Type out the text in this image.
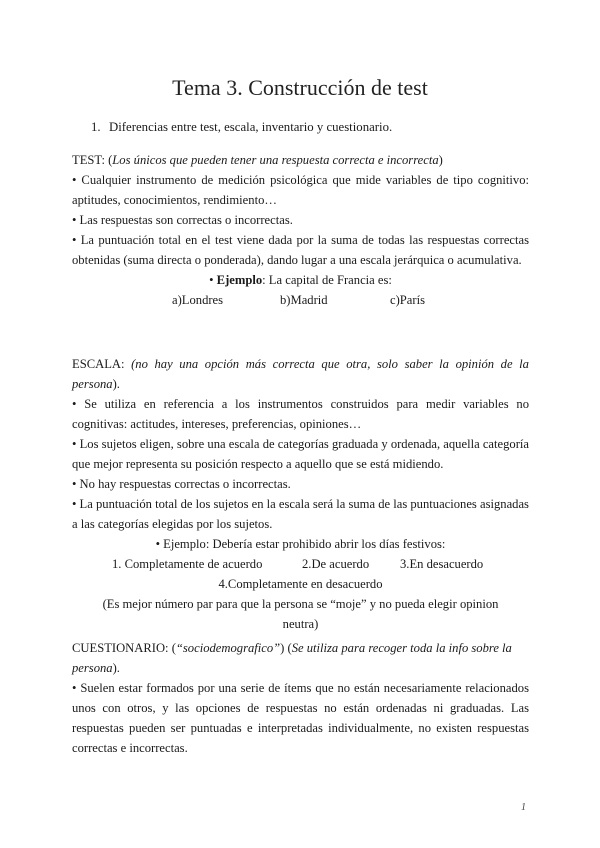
Tema 3. Construcción de test
1. Diferencias entre test, escala, inventario y cuestionario.

TEST: (Los únicos que pueden tener una respuesta correcta e incorrecta)

• Cualquier instrumento de medición psicológica que mide variables de tipo cognitivo: aptitudes, conocimientos, rendimiento…

• Las respuestas son correctas o incorrectas.

• La puntuación total en el test viene dada por la suma de todas las respuestas correctas obtenidas (suma directa o ponderada), dando lugar a una escala jerárquica o acumulativa.

• Ejemplo: La capital de Francia es:

a)Londres	b)Madrid	c)París

ESCALA: (no hay una opción más correcta que otra, solo saber la opinión de la persona).

• Se utiliza en referencia a los instrumentos construidos para medir variables no cognitivas: actitudes, intereses, preferencias, opiniones…

• Los sujetos eligen, sobre una escala de categorías graduada y ordenada, aquella categoría que mejor representa su posición respecto a aquello que se está midiendo.

• No hay respuestas correctas o incorrectas.

• La puntuación total de los sujetos en la escala será la suma de las puntuaciones asignadas a las categorías elegidas por los sujetos.

• Ejemplo: Debería estar prohibido abrir los días festivos:

1. Completamente de acuerdo	2.De acuerdo 3.En desacuerdo

4.Completamente en desacuerdo

(Es mejor número par para que la persona se “moje” y no pueda elegir opinion neutra)

CUESTIONARIO: (“sociodemografico”) (Se utiliza para recoger toda la info sobre la persona).

• Suelen estar formados por una serie de ítems que no están necesariamente relacionados unos con otros, y las opciones de respuestas no están ordenadas ni graduadas. Las respuestas pueden ser puntuadas e interpretadas individualmente, no existen respuestas correctas e incorrectas.

1
